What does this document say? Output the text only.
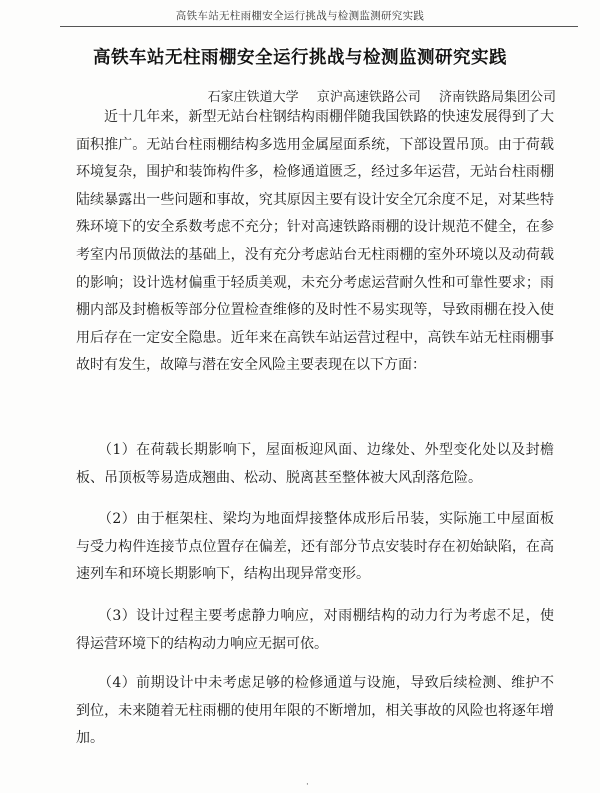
高铁车站无柱雨棚安全运行挑战与检测监测研究实践
高铁车站无柱雨棚安全运行挑战与检测监测研究实践
石家庄铁道大学 京沪高速铁路公司 济南铁路局集团公司

近十几年来，新型无站台柱钢结构雨棚伴随我国铁路的快速发展得到了大面积推广。无站台柱雨棚结构多选用金属屋面系统，下部设置吊顶。由于荷载环境复杂，围护和装饰构件多，检修通道匮乏，经过多年运营，无站台柱雨棚陆续暴露出一些问题和事故，究其原因主要有设计安全冗余度不足，对某些特殊环境下的安全系数考虑不充分；针对高速铁路雨棚的设计规范不健全，在参考室内吊顶做法的基础上，没有充分考虑站台无柱雨棚的室外环境以及动荷载的影响；设计选材偏重于轻质美观，未充分考虑运营耐久性和可靠性要求；雨棚内部及封檐板等部分位置检查维修的及时性不易实现等，导致雨棚在投入使用后存在一定安全隐患。近年来在高铁车站运营过程中，高铁车站无柱雨棚事故时有发生，故障与潜在安全风险主要表现在以下方面：

（1）在荷载长期影响下，屋面板迎风面、边缘处、外型变化处以及封檐板、吊顶板等易造成翘曲、松动、脱离甚至整体被大风刮落危险。

（2）由于框架柱、梁均为地面焊接整体成形后吊装，实际施工中屋面板与受力构件连接节点位置存在偏差，还有部分节点安装时存在初始缺陷，在高速列车和环境长期影响下，结构出现异常变形。

（3）设计过程主要考虑静力响应，对雨棚结构的动力行为考虑不足，使得运营环境下的结构动力响应无据可依。

（4）前期设计中未考虑足够的检修通道与设施，导致后续检测、维护不到位，未来随着无柱雨棚的使用年限的不断增加，相关事故的风险也将逐年增加。

·
